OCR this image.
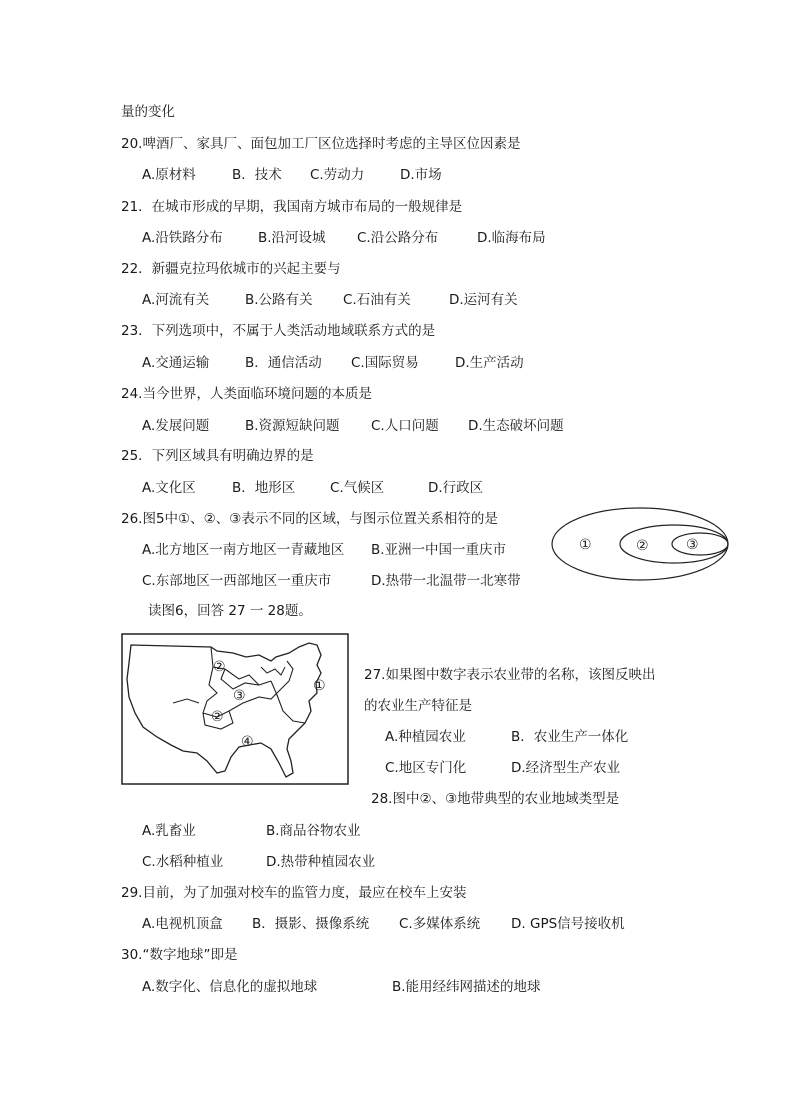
量的变化
20.啤酒厂、家具厂、面包加工厂区位选择时考虑的主导区位因素是
A.原材料	B．技术 C.劳动力	D.市场
21．在城市形成的早期，我国南方城市布局的一般规律是
A.沿铁路分布	B.沿河设城 C.沿公路分布	D.临海布局
22．新疆克拉玛依城市的兴起主要与
A.河流有关	B.公路有关 C.石油有关	D.运河有关
23．下列选项中，不属于人类活动地域联系方式的是
A.交通运输	B．通信活动 C.国际贸易	D.生产活动
24.当今世界，人类面临环境问题的本质是
A.发展问题	B.资源短缺问题 C.人口问题 D.生态破坏问题
25．下列区域具有明确边界的是
A.文化区	B．地形区	C.气候区	D.行政区
26.图5中①、②、③表示不同的区域，与图示位置关系相符的是
A.北方地区一南方地区一青藏地区 B.亚洲一中国一重庆市
C.东部地区一西部地区一重庆市	D.热带一北温带一北寒带
①	②	③
读图6，回答 27 一 28题。
②
③
①
②
④
27.如果图中数字表示农业带的名称，该图反映出
的农业生产特征是
A.种植园农业	B．农业生产一体化
C.地区专门化	D.经济型生产农业
28.图中②、③地带典型的农业地域类型是
A.乳畜业	B.商品谷物农业
C.水稻种植业	D.热带种植园农业
29.目前，为了加强对校车的监管力度，最应在校车上安装
A.电视机顶盒 B．摄影、摄像系统 C.多媒体系统 D. GPS信号接收机
30.“数字地球”即是
A.数字化、信息化的虚拟地球	B.能用经纬网描述的地球
